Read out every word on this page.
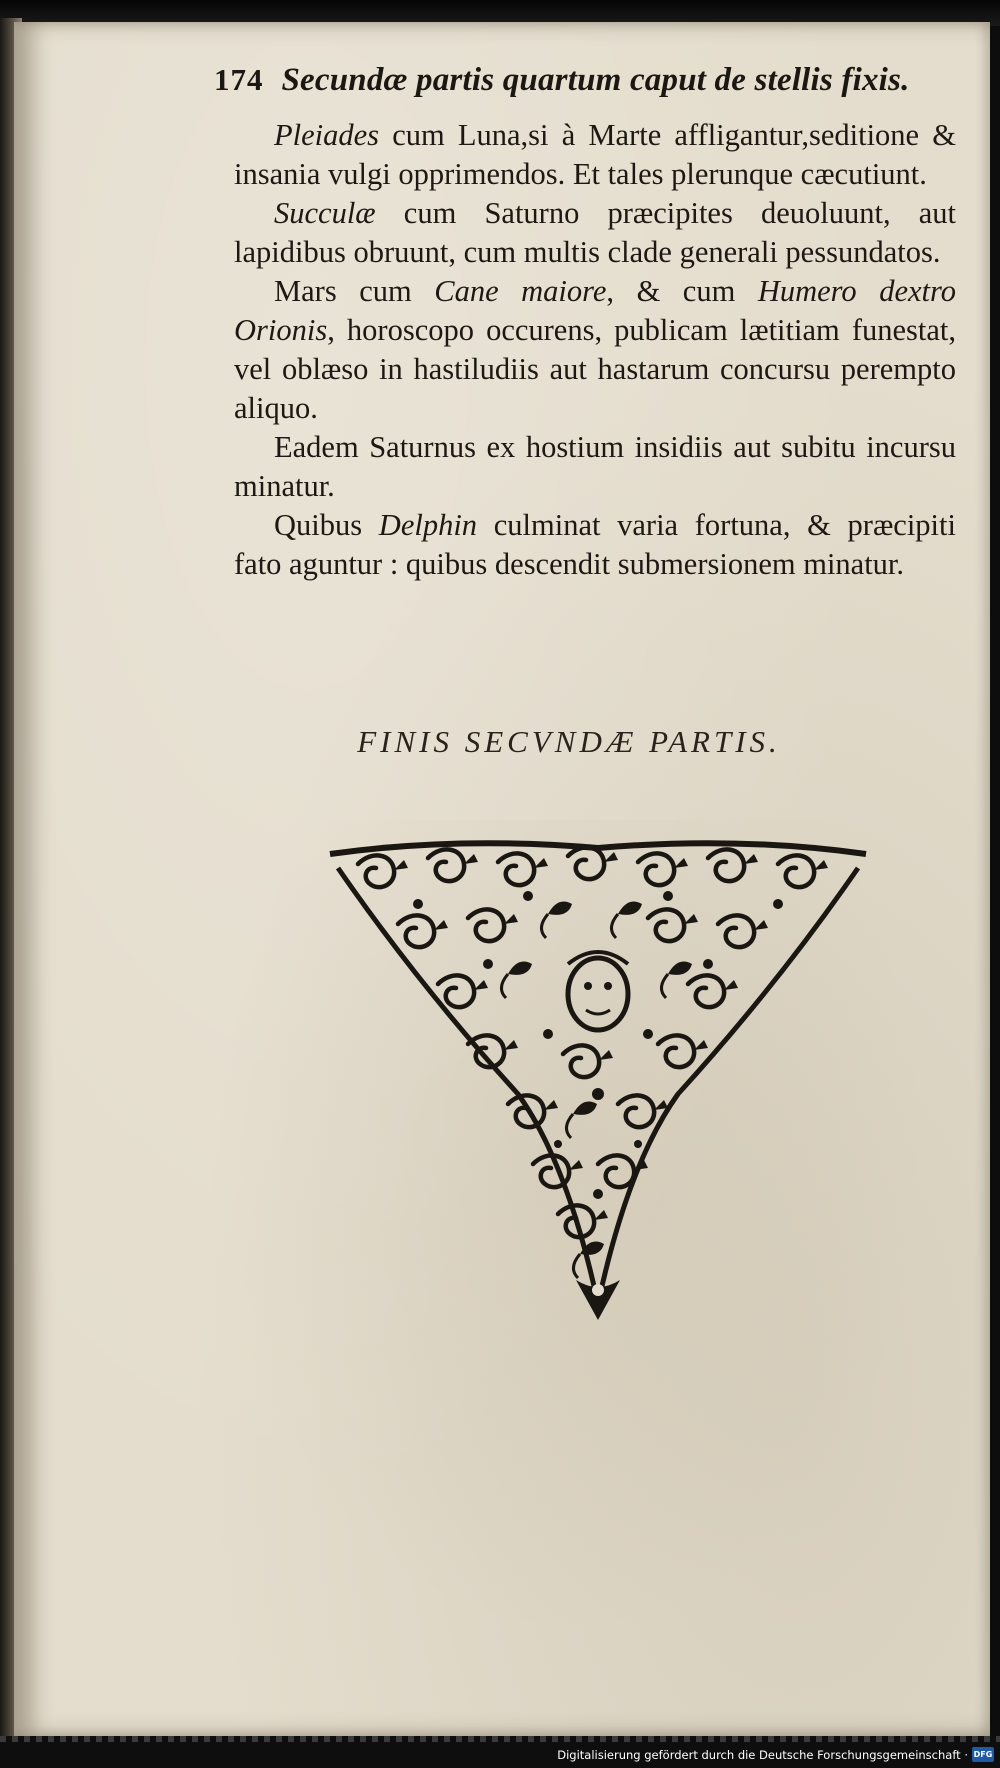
174 Secundæ partis quartum caput de stellis fixis.

Pleiades cum Luna,si à Marte affligantur,seditione & insania vulgi opprimendos. Et tales plerunque cæcutiunt.

Succulæ cum Saturno præcipites deuoluunt, aut lapidibus obruunt, cum multis clade generali pessundatos.

Mars cum Cane maiore, & cum Humero dextro Orionis, horoscopo occurens, publicam lætitiam funestat, vel oblæso in hastiludiis aut hastarum concursu perempto aliquo.

Eadem Saturnus ex hostium insidiis aut subitu incursu minatur.

Quibus Delphin culminat varia fortuna, & præcipiti fato aguntur : quibus descendit submersionem minatur.

FINIS SECVNDÆ PARTIS.
Digitalisierung gefördert durch die Deutsche Forschungsgemeinschaft · DFG
